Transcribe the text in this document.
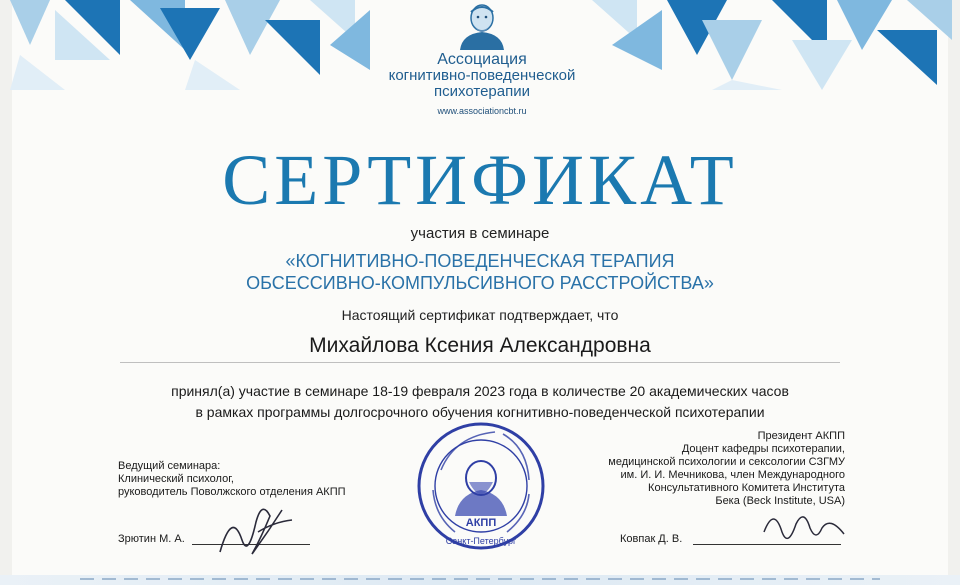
Ассоциация
когнитивно-поведенческой
психотерапии
www.associationcbt.ru
СЕРТИФИКАТ
участия в семинаре
«КОГНИТИВНО-ПОВЕДЕНЧЕСКАЯ ТЕРАПИЯ
ОБСЕССИВНО-КОМПУЛЬСИВНОГО РАССТРОЙСТВА»
Настоящий сертификат подтверждает, что
Михайлова Ксения Александровна
принял(а) участие в семинаре 18-19 февраля 2023 года в количестве 20 академических часов
в рамках программы долгосрочного обучения когнитивно-поведенческой психотерапии
Ведущий семинара:
Клинический психолог,
руководитель Поволжского отделения АКПП
Зрютин М. А.
АКПП
Санкт-Петербург
Президент АКПП
Доцент кафедры психотерапии,
медицинской психологии и сексологии СЗГМУ
им. И. И. Мечникова, член Международного
Консультативного Комитета Института
Бека (Beck Institute, USA)
Ковпак Д. В.
